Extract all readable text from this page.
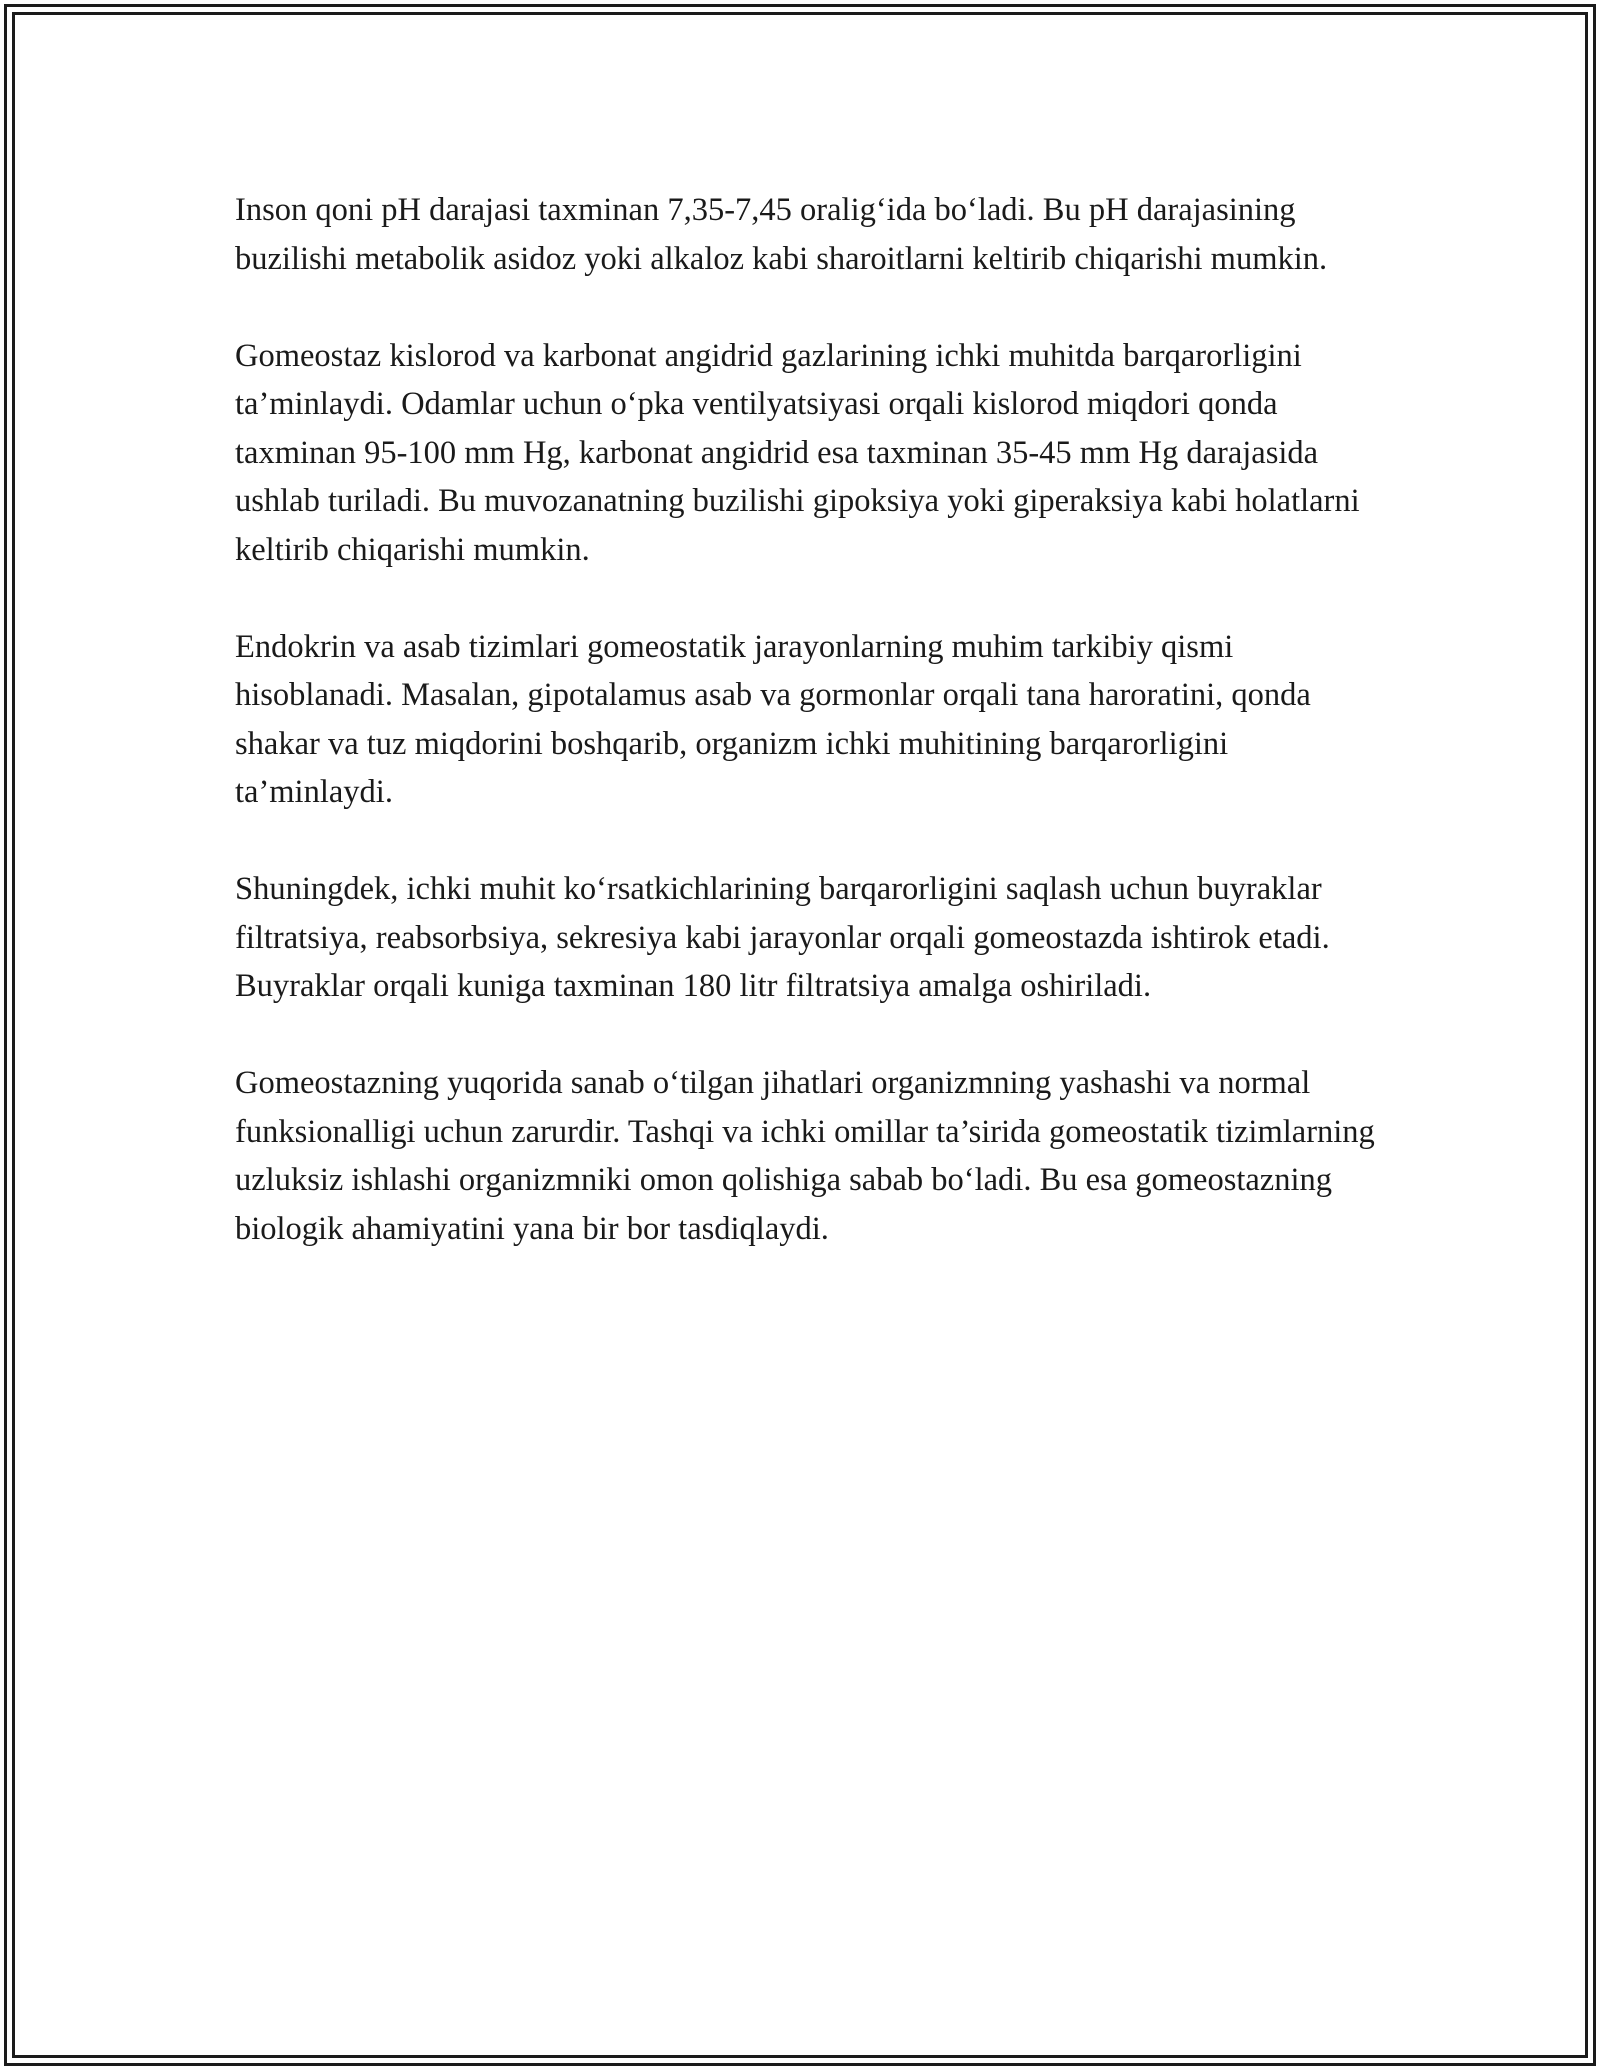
Inson qoni pH darajasi taxminan 7,35-7,45 oralig‘ida bo‘ladi. Bu pH darajasining buzilishi metabolik asidoz yoki alkaloz kabi sharoitlarni keltirib chiqarishi mumkin.

Gomeostaz kislorod va karbonat angidrid gazlarining ichki muhitda barqarorligini ta’minlaydi. Odamlar uchun o‘pka ventilyatsiyasi orqali kislorod miqdori qonda taxminan 95-100 mm Hg, karbonat angidrid esa taxminan 35-45 mm Hg darajasida ushlab turiladi. Bu muvozanatning buzilishi gipoksiya yoki giperaksiya kabi holatlarni keltirib chiqarishi mumkin.

Endokrin va asab tizimlari gomeostatik jarayonlarning muhim tarkibiy qismi hisoblanadi. Masalan, gipotalamus asab va gormonlar orqali tana haroratini, qonda shakar va tuz miqdorini boshqarib, organizm ichki muhitining barqarorligini ta’minlaydi.

Shuningdek, ichki muhit ko‘rsatkichlarining barqarorligini saqlash uchun buyraklar filtratsiya, reabsorbsiya, sekresiya kabi jarayonlar orqali gomeostazda ishtirok etadi. Buyraklar orqali kuniga taxminan 180 litr filtratsiya amalga oshiriladi.

Gomeostazning yuqorida sanab o‘tilgan jihatlari organizmning yashashi va normal funksionalligi uchun zarurdir. Tashqi va ichki omillar ta’sirida gomeostatik tizimlarning uzluksiz ishlashi organizmniki omon qolishiga sabab bo‘ladi. Bu esa gomeostazning biologik ahamiyatini yana bir bor tasdiqlaydi.
